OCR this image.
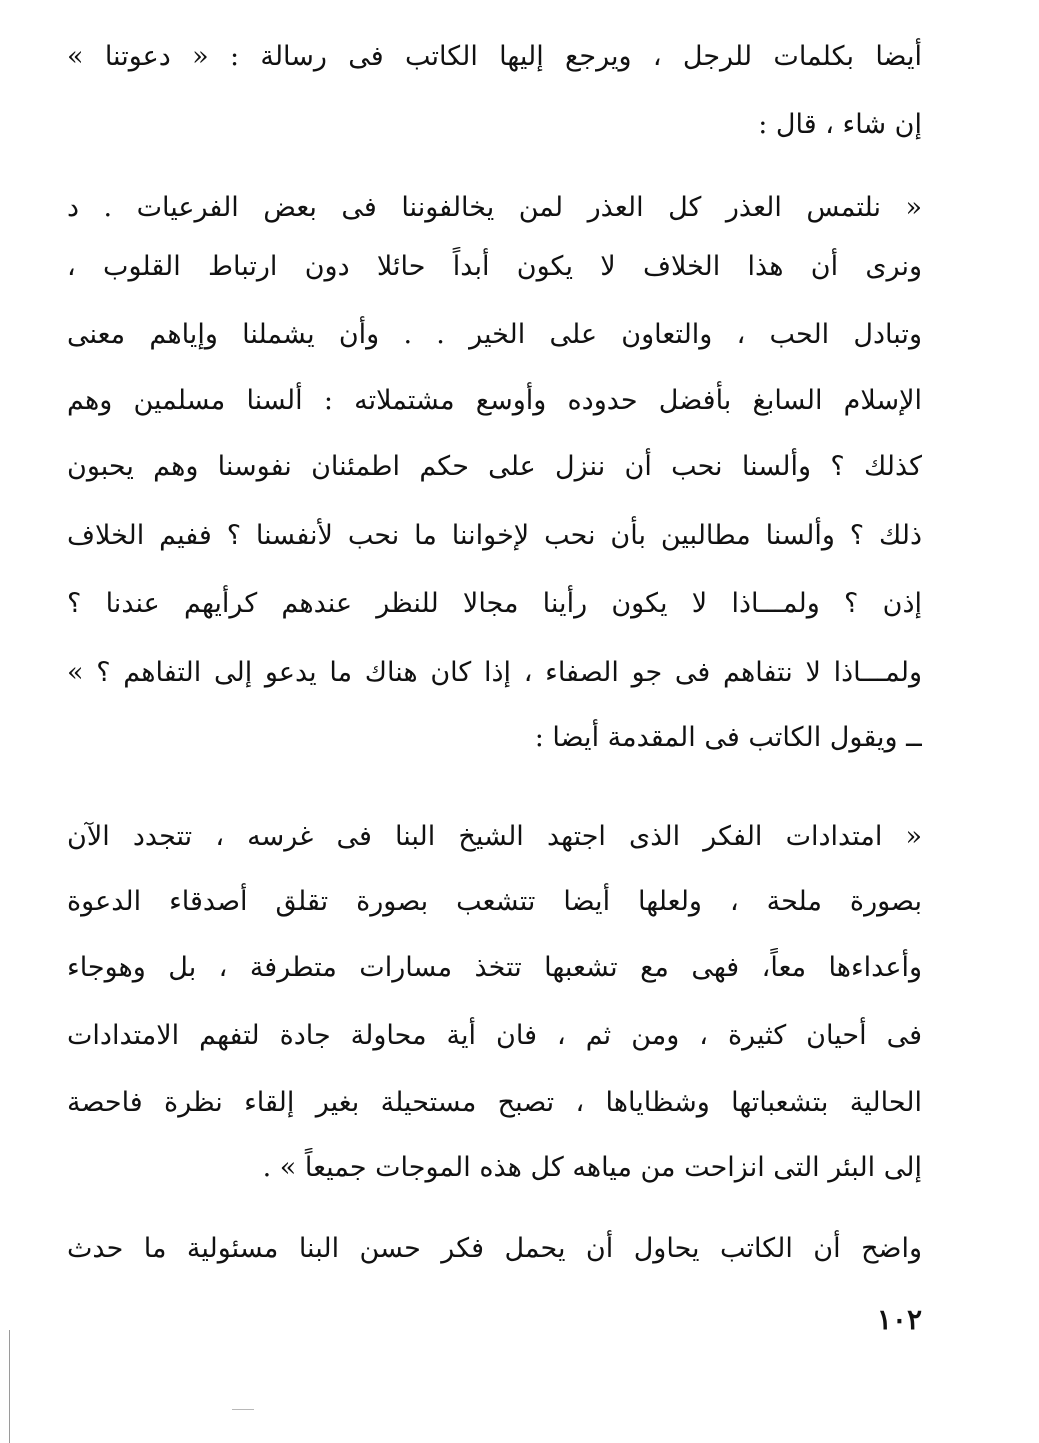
أيضا بكلمات للرجل ، ويرجع إليها الكاتب فى رسالة : « دعوتنا »
إن شاء ، قال :
« نلتمس العذر كل العذر لمن يخالفوننا فى بعض الفرعيات . د
ونرى أن هذا الخلاف لا يكون أبداً حائلا دون ارتباط القلوب ،
وتبادل الحب ، والتعاون على الخير . . وأن يشملنا وإياهم معنى
الإسلام السابغ بأفضل حدوده وأوسع مشتملاته : ألسنا مسلمين وهم
كذلك ؟ وألسنا نحب أن ننزل على حكم اطمئنان نفوسنا وهم يحبون
ذلك ؟ وألسنا مطالبين بأن نحب لإخواننا ما نحب لأنفسنا ؟ ففيم الخلاف
إذن ؟ ولمـــاذا لا يكون رأينا مجالا للنظر عندهم كرأيهم عندنا ؟
ولمـــاذا لا نتفاهم فى جو الصفاء ، إذا كان هناك ما يدعو إلى التفاهم ؟ »
ــ ويقول الكاتب فى المقدمة أيضا :
« امتدادات الفكر الذى اجتهد الشيخ البنا فى غرسه ، تتجدد الآن
بصورة ملحة ، ولعلها أيضا تتشعب بصورة تقلق أصدقاء الدعوة
وأعداءها معاً، فهى مع تشعبها تتخذ مسارات متطرفة ، بل وهوجاء
فى أحيان كثيرة ، ومن ثم ، فان أية محاولة جادة لتفهم الامتدادات
الحالية بتشعباتها وشظاياها ، تصبح مستحيلة بغير إلقاء نظرة فاحصة
إلى البئر التى انزاحت من مياهه كل هذه الموجات جميعاً » .
واضح أن الكاتب يحاول أن يحمل فكر حسن البنا مسئولية ما حدث
١٠٢
